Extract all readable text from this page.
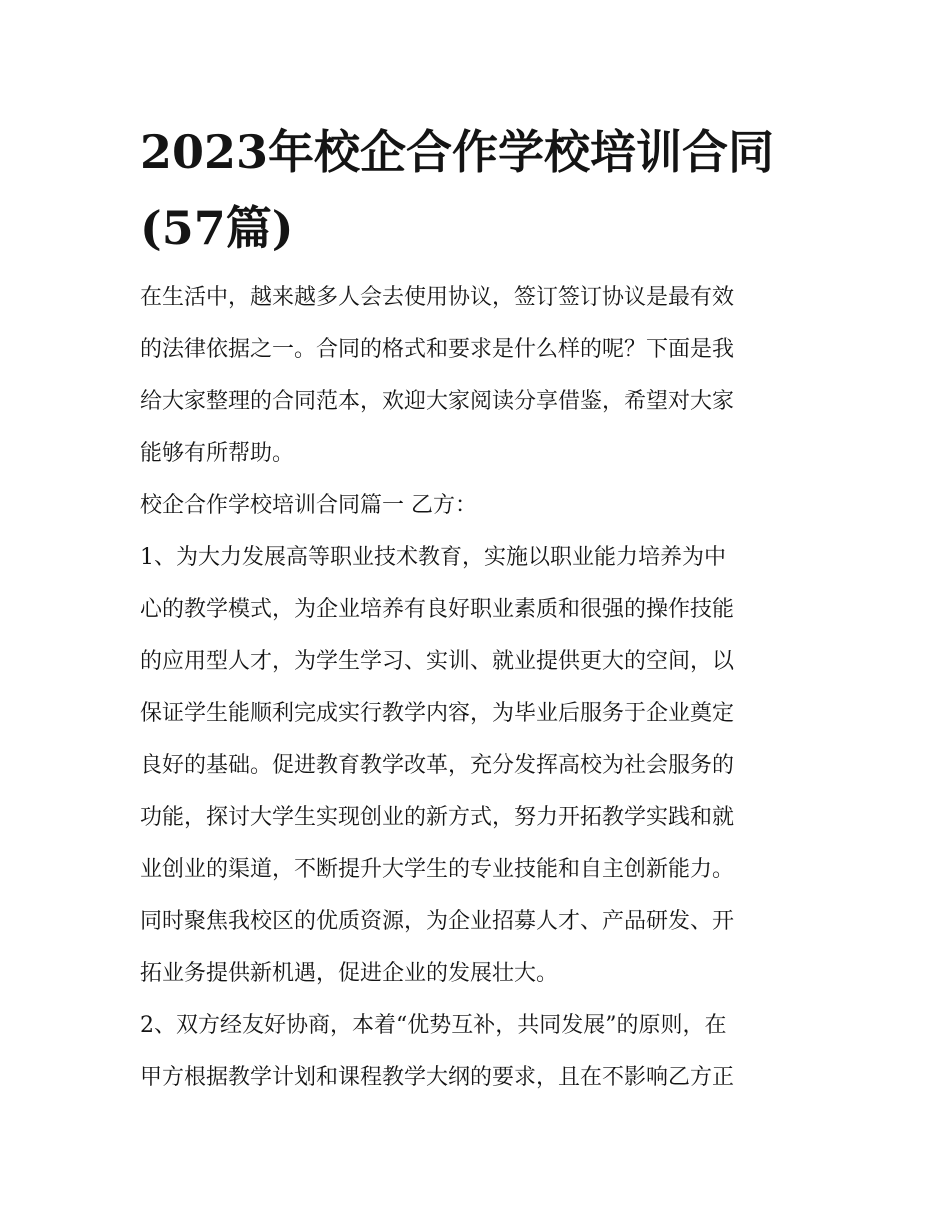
2023年校企合作学校培训合同
(57篇)

在生活中，越来越多人会去使用协议，签订签订协议是最有效
的法律依据之一。合同的格式和要求是什么样的呢？下面是我
给大家整理的合同范本，欢迎大家阅读分享借鉴，希望对大家
能够有所帮助。

校企合作学校培训合同篇一 乙方：

1、为大力发展高等职业技术教育，实施以职业能力培养为中
心的教学模式，为企业培养有良好职业素质和很强的操作技能
的应用型人才，为学生学习、实训、就业提供更大的空间，以
保证学生能顺利完成实行教学内容，为毕业后服务于企业奠定
良好的基础。促进教育教学改革，充分发挥高校为社会服务的
功能，探讨大学生实现创业的新方式，努力开拓教学实践和就
业创业的渠道，不断提升大学生的专业技能和自主创新能力。
同时聚焦我校区的优质资源，为企业招募人才、产品研发、开
拓业务提供新机遇，促进企业的发展壮大。

2、双方经友好协商，本着“优势互补，共同发展”的原则，在
甲方根据教学计划和课程教学大纲的要求，且在不影响乙方正
